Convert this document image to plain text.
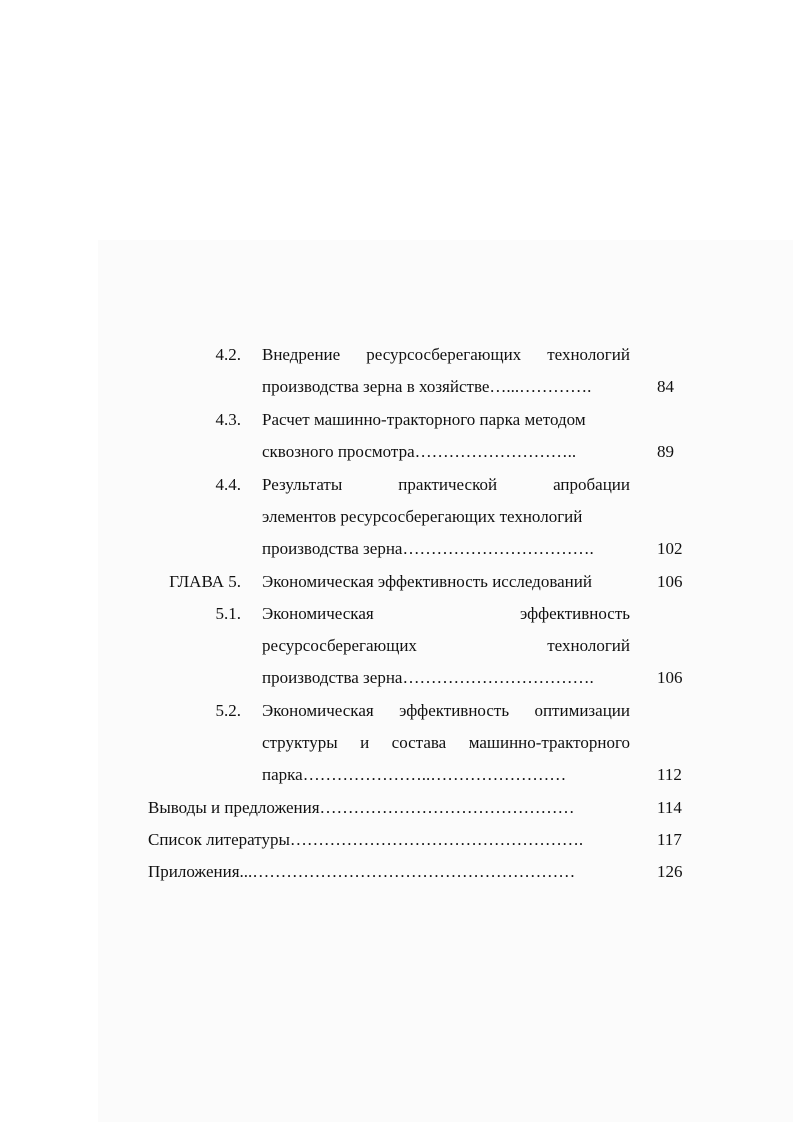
4.2. Внедрение ресурсосберегающих технологий
производства зерна в хозяйстве…...………….	84
4.3. Расчет машинно-тракторного парка методом
сквозного просмотра………………………..	89
4.4. Результаты	практической	апробации
элементов ресурсосберегающих технологий
производства зерна…………………………….	102
ГЛАВА 5. Экономическая эффективность исследований	106
5.1. Экономическая	эффективность
ресурсосберегающих	технологий
производства зерна…………………………….	106
5.2. Экономическая эффективность оптимизации
структуры и состава машинно-тракторного
парка…………………..……………………	112
Выводы и предложения………………………………………	114
Список литературы…………………………………………….	117
Приложения...…………………………………………………	126
